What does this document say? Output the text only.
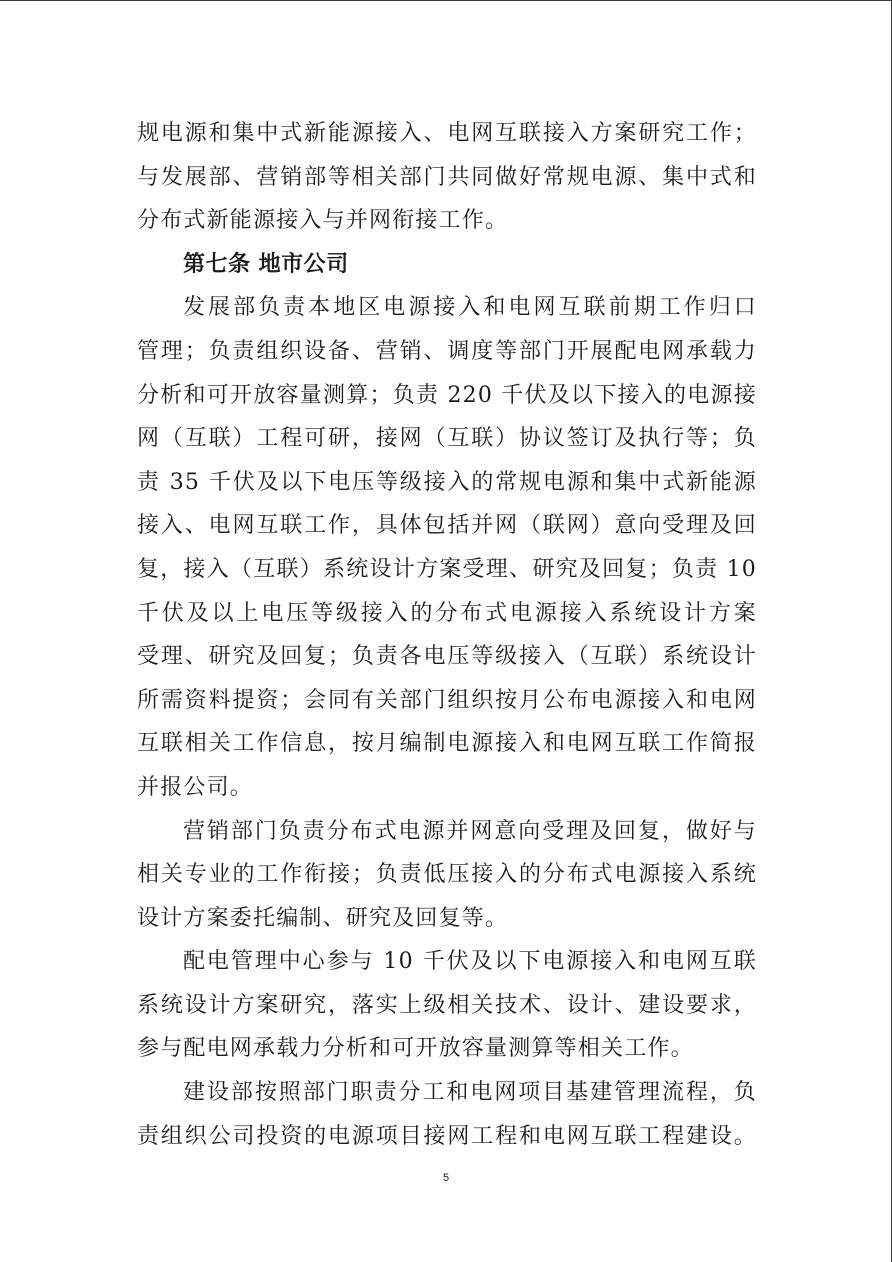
规电源和集中式新能源接入、电网互联接入方案研究工作；
与发展部、营销部等相关部门共同做好常规电源、集中式和
分布式新能源接入与并网衔接工作。
第七条 地市公司
发展部负责本地区电源接入和电网互联前期工作归口
管理；负责组织设备、营销、调度等部门开展配电网承载力
分析和可开放容量测算；负责 220 千伏及以下接入的电源接
网（互联）工程可研，接网（互联）协议签订及执行等；负
责 35 千伏及以下电压等级接入的常规电源和集中式新能源
接入、电网互联工作，具体包括并网（联网）意向受理及回
复，接入（互联）系统设计方案受理、研究及回复；负责 10
千伏及以上电压等级接入的分布式电源接入系统设计方案
受理、研究及回复；负责各电压等级接入（互联）系统设计
所需资料提资；会同有关部门组织按月公布电源接入和电网
互联相关工作信息，按月编制电源接入和电网互联工作简报
并报公司。
营销部门负责分布式电源并网意向受理及回复，做好与
相关专业的工作衔接；负责低压接入的分布式电源接入系统
设计方案委托编制、研究及回复等。
配电管理中心参与 10 千伏及以下电源接入和电网互联
系统设计方案研究，落实上级相关技术、设计、建设要求，
参与配电网承载力分析和可开放容量测算等相关工作。
建设部按照部门职责分工和电网项目基建管理流程，负
责组织公司投资的电源项目接网工程和电网互联工程建设。
5
